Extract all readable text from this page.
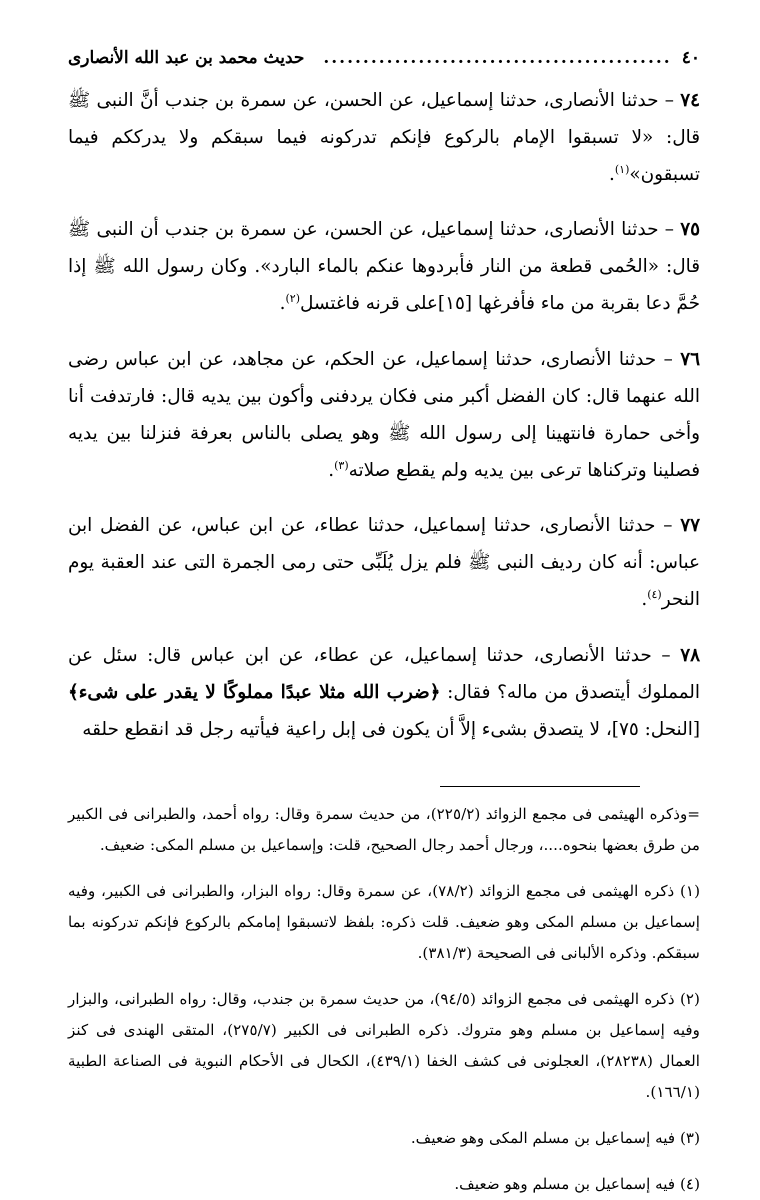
٤٠
............................................
حديث محمد بن عبد الله الأنصارى

٧٤ – حدثنا الأنصارى، حدثنا إسماعيل، عن الحسن، عن سمرة بن جندب أنَّ النبى ﷺ قال: «لا تسبقوا الإمام بالركوع فإنكم تدركونه فيما سبقكم ولا يدرككم فيما تسبقون»$^{(١)}$.

٧٥ – حدثنا الأنصارى، حدثنا إسماعيل، عن الحسن، عن سمرة بن جندب أن النبى ﷺ قال: «الحُمى قطعة من النار فأبردوها عنكم بالماء البارد». وكان رسول الله ﷺ إذا حُمَّ دعا بقربة من ماء فأفرغها [١٥]على قرنه فاغتسل$^{(٢)}$.

٧٦ – حدثنا الأنصارى، حدثنا إسماعيل، عن الحكم، عن مجاهد، عن ابن عباس رضى الله عنهما قال: كان الفضل أكبر منى فكان يردفنى وأكون بين يديه قال: فارتدفت أنا وأخى حمارة فانتهينا إلى رسول الله ﷺ وهو يصلى بالناس بعرفة فنزلنا بين يديه فصلينا وتركناها ترعى بين يديه ولم يقطع صلاته$^{(٣)}$.

٧٧ – حدثنا الأنصارى، حدثنا إسماعيل، حدثنا عطاء، عن ابن عباس، عن الفضل ابن عباس: أنه كان رديف النبى ﷺ فلم يزل يُلَبِّى حتى رمى الجمرة التى عند العقبة يوم النحر$^{(٤)}$.

٧٨ – حدثنا الأنصارى، حدثنا إسماعيل، عن عطاء، عن ابن عباس قال: سئل عن المملوك أيتصدق من ماله؟ فقال: ﴿ضرب الله مثلا عبدًا مملوكًا لا يقدر على شىء﴾ [النحل: ٧٥]، لا يتصدق بشىء إلاَّ أن يكون فى إبل راعية فيأتيه رجل قد انقطع حلقه

=وذكره الهيثمى فى مجمع الزوائد (٢٢٥/٢)، من حديث سمرة وقال: رواه أحمد، والطبرانى فى الكبير من طرق بعضها بنحوه....، ورجال أحمد رجال الصحيح، قلت: وإسماعيل بن مسلم المكى: ضعيف.

(١) ذكره الهيثمى فى مجمع الزوائد (٧٨/٢)، عن سمرة وقال: رواه البزار، والطبرانى فى الكبير، وفيه إسماعيل بن مسلم المكى وهو ضعيف. قلت ذكره: بلفظ لاتسبقوا إمامكم بالركوع فإنكم تدركونه بما سبقكم. وذكره الألبانى فى الصحيحة (٣٨١/٣).

(٢) ذكره الهيثمى فى مجمع الزوائد (٩٤/٥)، من حديث سمرة بن جندب، وقال: رواه الطبرانى، والبزار وفيه إسماعيل بن مسلم وهو متروك. ذكره الطبرانى فى الكبير (٢٧٥/٧)، المتقى الهندى فى كنز العمال (٢٨٢٣٨)، العجلونى فى كشف الخفا (٤٣٩/١)، الكحال فى الأحكام النبوية فى الصناعة الطبية (١٦٦/١).

(٣) فيه إسماعيل بن مسلم المكى وهو ضعيف.

(٤) فيه إسماعيل بن مسلم وهو ضعيف.
